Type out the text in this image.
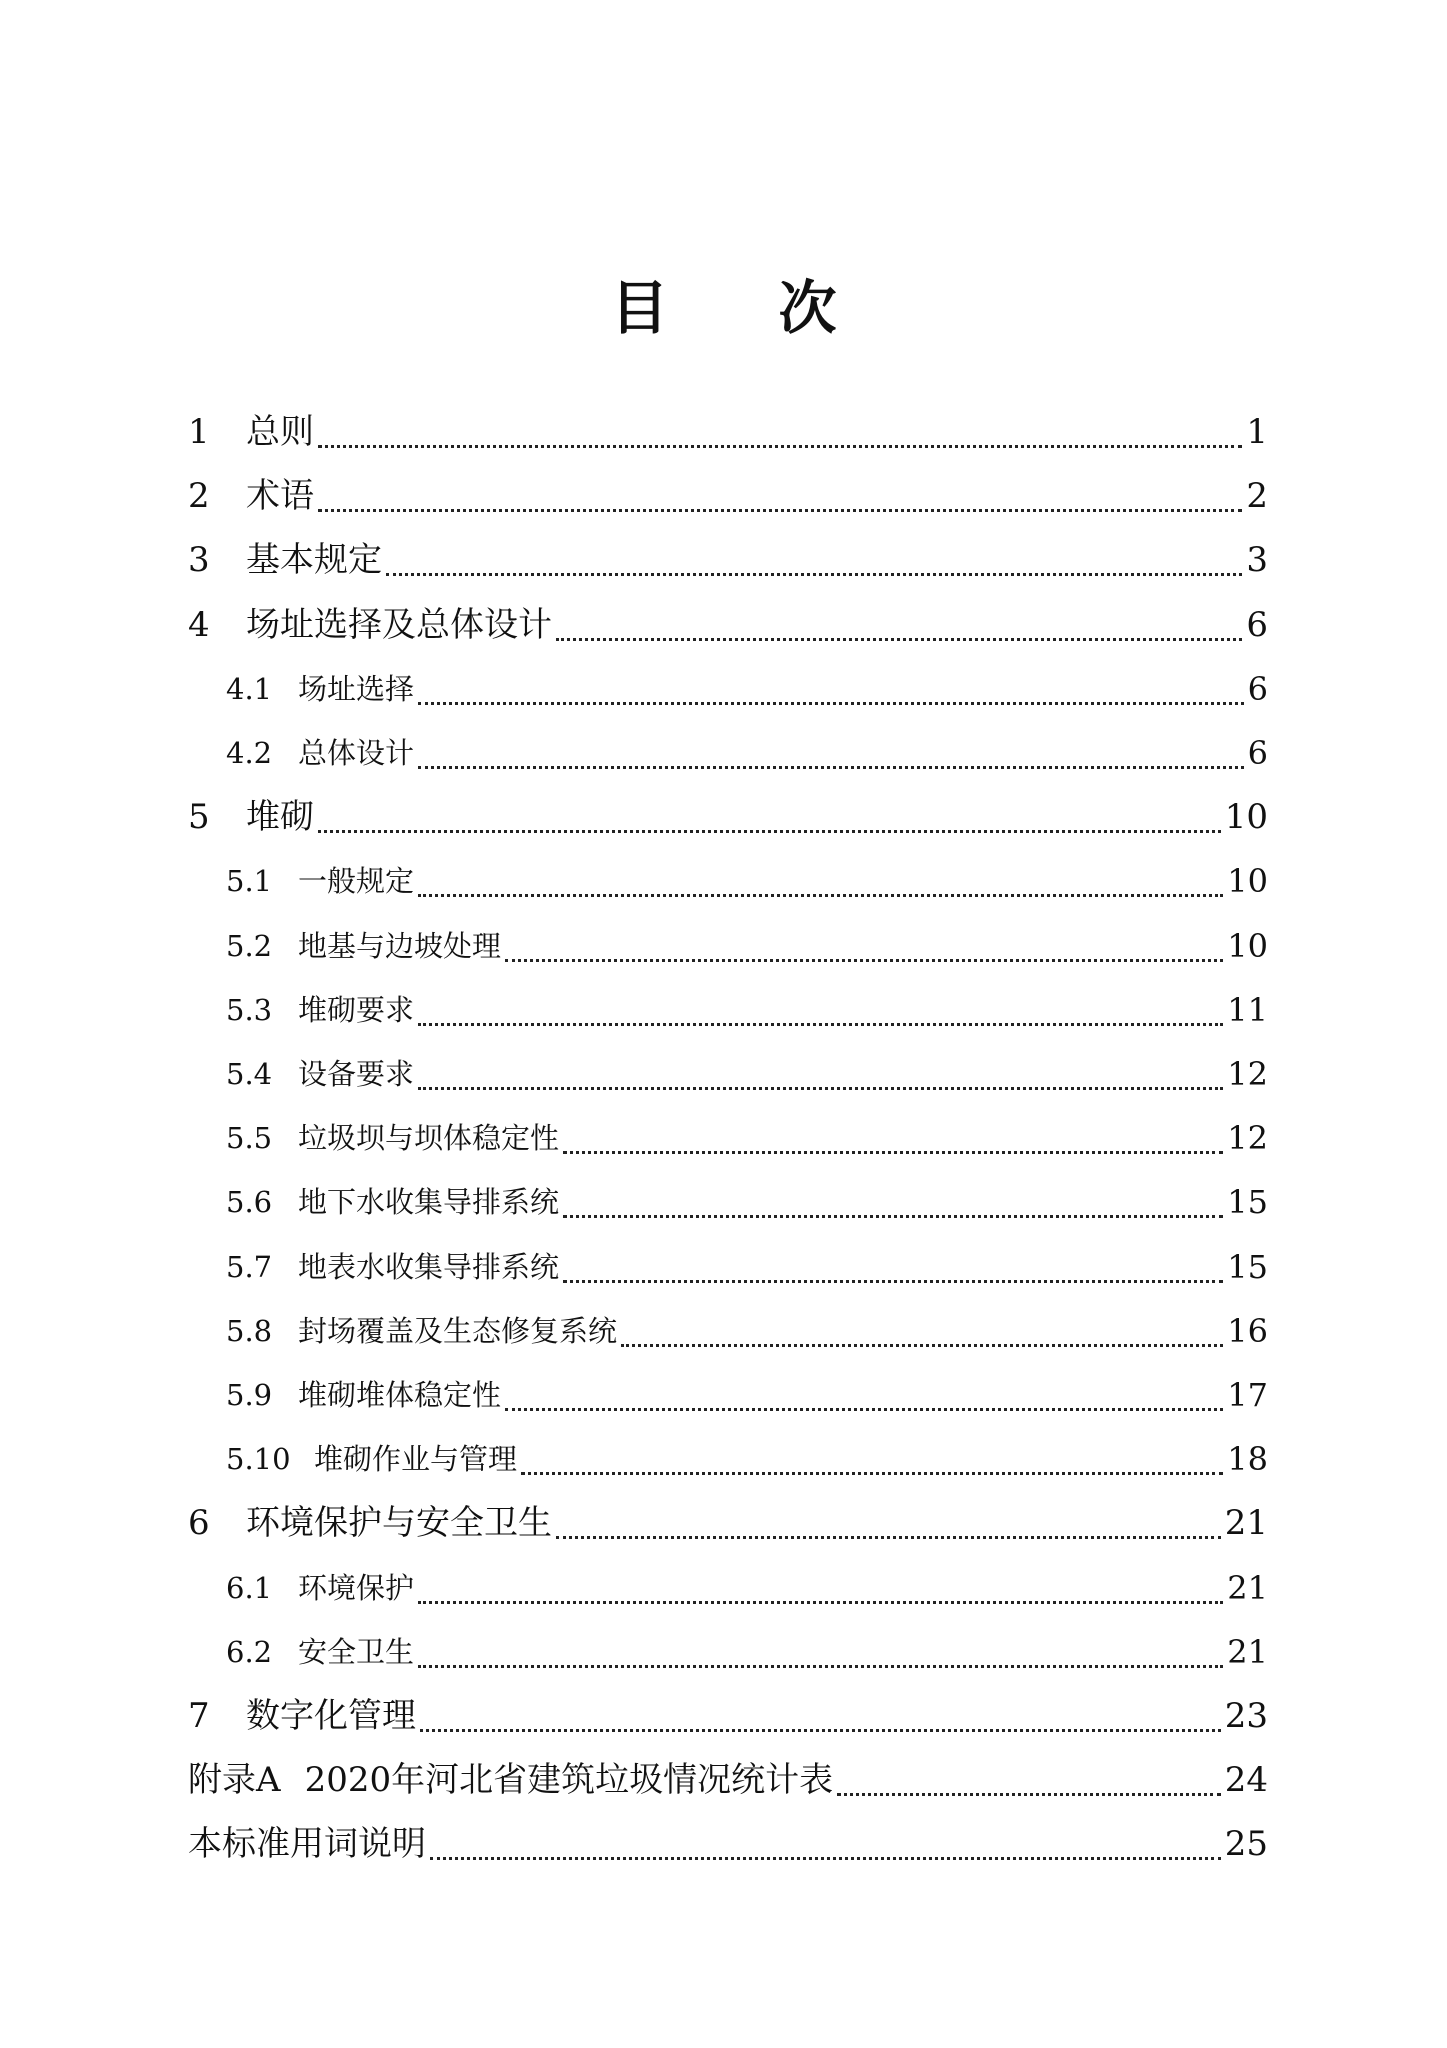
目 次
1	总则	1
2	术语	2
3	基本规定	3
4	场址选择及总体设计	6
4.1 场址选择	6
4.2 总体设计	6
5	堆砌	10
5.1 一般规定	10
5.2 地基与边坡处理	10
5.3 堆砌要求	11
5.4 设备要求	12
5.5 垃圾坝与坝体稳定性	12
5.6 地下水收集导排系统	15
5.7 地表水收集导排系统	15
5.8 封场覆盖及生态修复系统	16
5.9 堆砌堆体稳定性	17
5.10 堆砌作业与管理	18
6	环境保护与安全卫生	21
6.1 环境保护	21
6.2 安全卫生	21
7	数字化管理	23
附录A 2020年河北省建筑垃圾情况统计表	24
本标准用词说明	25
